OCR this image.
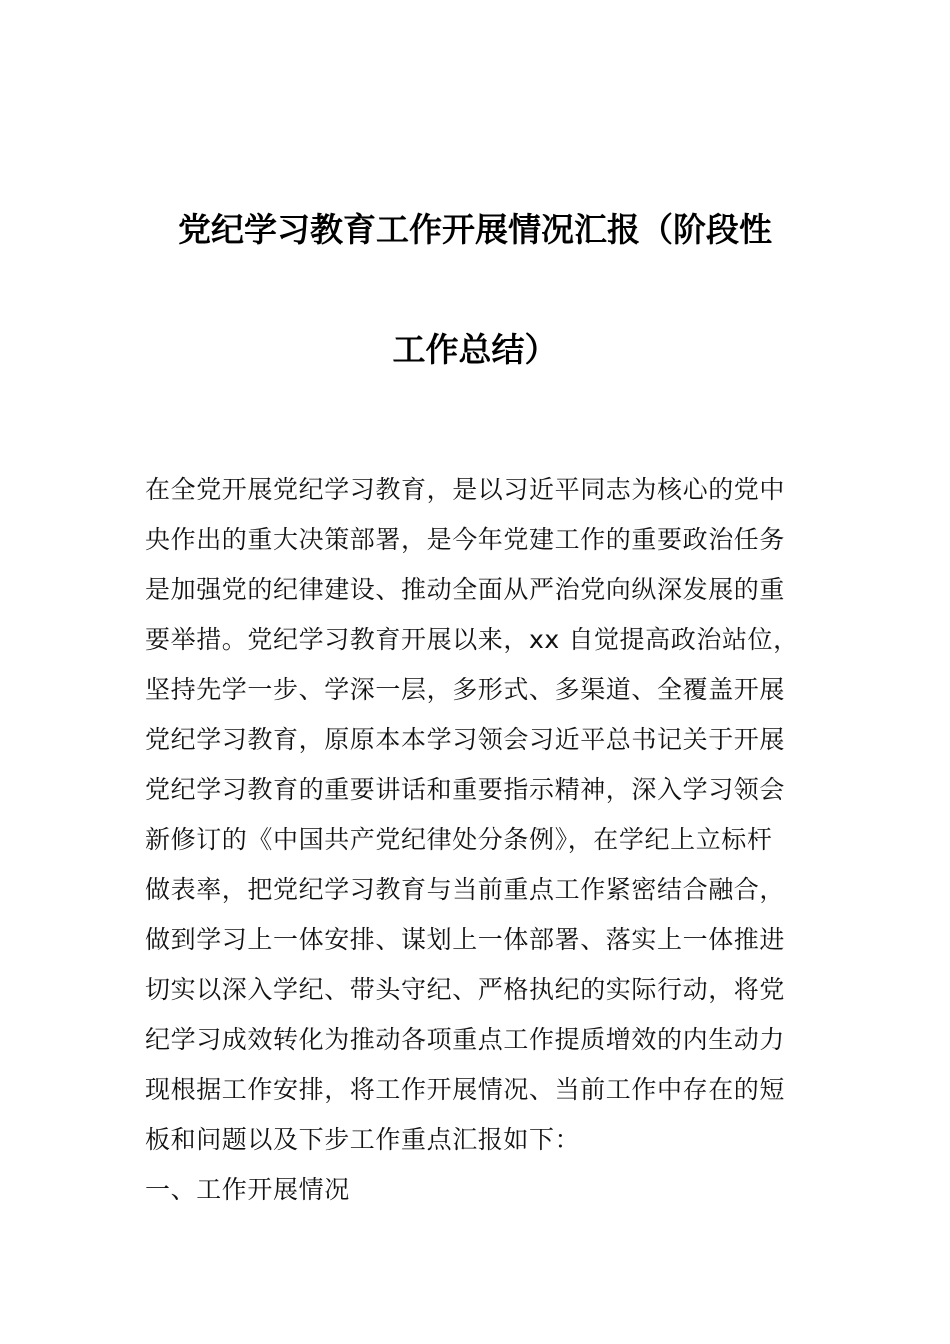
党纪学习教育工作开展情况汇报（阶段性
工作总结）
在全党开展党纪学习教育，是以习近平同志为核心的党中
央作出的重大决策部署，是今年党建工作的重要政治任务
是加强党的纪律建设、推动全面从严治党向纵深发展的重
要举措。党纪学习教育开展以来，xx 自觉提高政治站位，
坚持先学一步、学深一层，多形式、多渠道、全覆盖开展
党纪学习教育，原原本本学习领会习近平总书记关于开展
党纪学习教育的重要讲话和重要指示精神，深入学习领会
新修订的《中国共产党纪律处分条例》，在学纪上立标杆
做表率，把党纪学习教育与当前重点工作紧密结合融合，
做到学习上一体安排、谋划上一体部署、落实上一体推进
切实以深入学纪、带头守纪、严格执纪的实际行动，将党
纪学习成效转化为推动各项重点工作提质增效的内生动力
现根据工作安排，将工作开展情况、当前工作中存在的短
板和问题以及下步工作重点汇报如下：
一、工作开展情况
